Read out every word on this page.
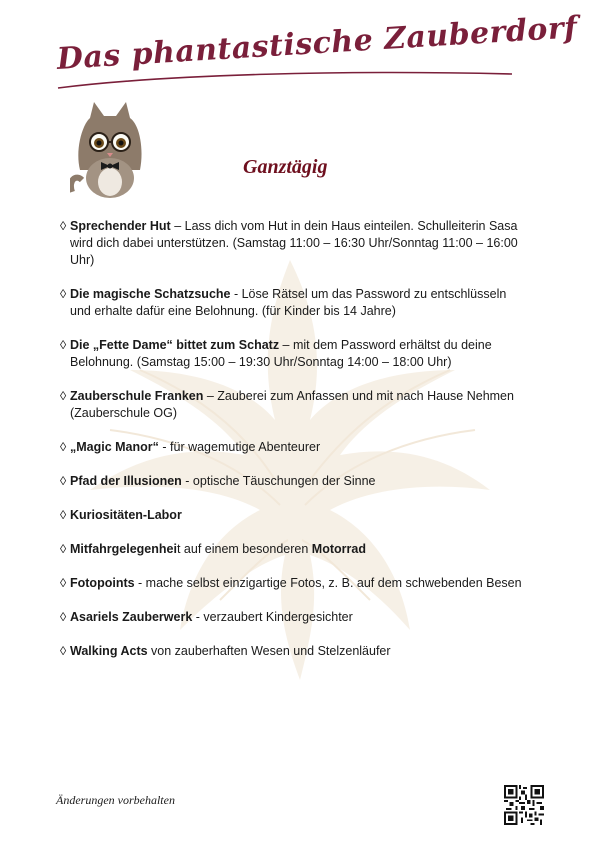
Das phantastische Zauberdorf
Ganztägig
◊ Sprechender Hut – Lass dich vom Hut in dein Haus einteilen. Schulleiterin Sasa wird dich dabei unterstützen. (Samstag 11:00 – 16:30 Uhr/Sonntag 11:00 – 16:00 Uhr)
◊ Die magische Schatzsuche - Löse Rätsel um das Password zu entschlüsseln und erhalte dafür eine Belohnung. (für Kinder bis 14 Jahre)
◊ Die „Fette Dame“ bittet zum Schatz – mit dem Password erhältst du deine Belohnung. (Samstag 15:00 – 19:30 Uhr/Sonntag 14:00 – 18:00 Uhr)
◊ Zauberschule Franken – Zauberei zum Anfassen und mit nach Hause Nehmen (Zauberschule OG)
◊ „Magic Manor“ - für wagemutige Abenteurer
◊ Pfad der Illusionen - optische Täuschungen der Sinne
◊ Kuriositäten-Labor
◊ Mitfahrgelegenheit auf einem besonderen Motorrad
◊ Fotopoints - mache selbst einzigartige Fotos, z. B. auf dem schwebenden Besen
◊ Asariels Zauberwerk - verzaubert Kindergesichter
◊ Walking Acts von zauberhaften Wesen und Stelzenläufer
Änderungen vorbehalten
